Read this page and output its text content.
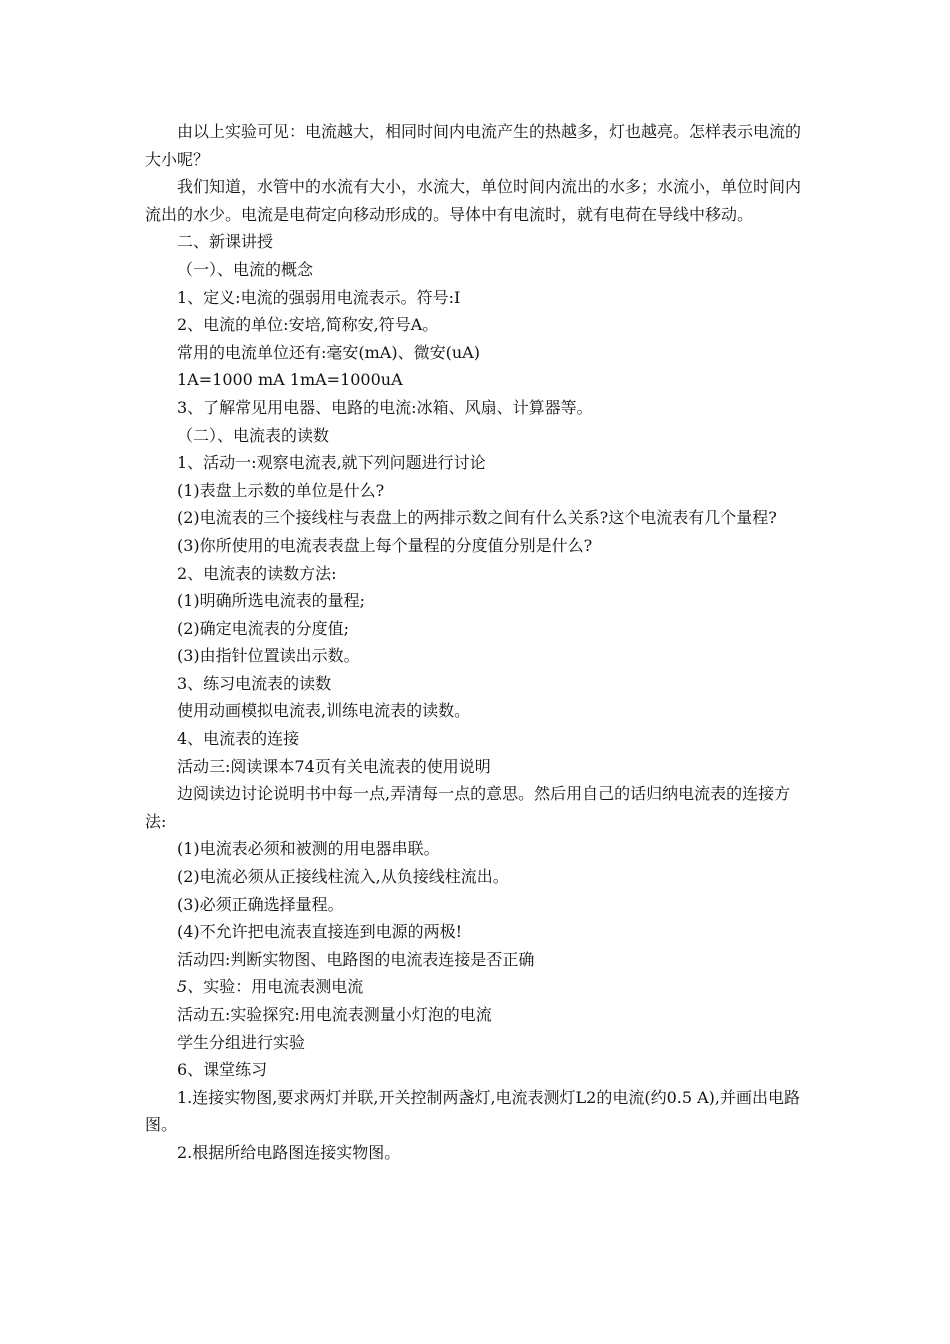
由以上实验可见：电流越大，相同时间内电流产生的热越多，灯也越亮。怎样表示电流的大小呢？

我们知道，水管中的水流有大小，水流大，单位时间内流出的水多；水流小，单位时间内流出的水少。电流是电荷定向移动形成的。导体中有电流时，就有电荷在导线中移动。

二、新课讲授
（一）、电流的概念
1、定义:电流的强弱用电流表示。符号:I
2、电流的单位:安培,简称安,符号A。
常用的电流单位还有:毫安(mA)、微安(uA)
1A=1000 mA 1mA=1000uA
3、了解常见用电器、电路的电流:冰箱、风扇、计算器等。
（二）、电流表的读数
1、活动一:观察电流表,就下列问题进行讨论
(1)表盘上示数的单位是什么?
(2)电流表的三个接线柱与表盘上的两排示数之间有什么关系?这个电流表有几个量程?
(3)你所使用的电流表表盘上每个量程的分度值分别是什么?
2、电流表的读数方法:
(1)明确所选电流表的量程;
(2)确定电流表的分度值;
(3)由指针位置读出示数。
3、练习电流表的读数
使用动画模拟电流表,训练电流表的读数。
4、电流表的连接
活动三:阅读课本74页有关电流表的使用说明

边阅读边讨论说明书中每一点,弄清每一点的意思。然后用自己的话归纳电流表的连接方法:

(1)电流表必须和被测的用电器串联。
(2)电流必须从正接线柱流入,从负接线柱流出。
(3)必须正确选择量程。
(4)不允许把电流表直接连到电源的两极!
活动四:判断实物图、电路图的电流表连接是否正确
5、实验：用电流表测电流
活动五:实验探究:用电流表测量小灯泡的电流
学生分组进行实验
6、课堂练习

1.连接实物图,要求两灯并联,开关控制两盏灯,电流表测灯L2的电流(约0.5 A),并画出电路图。

2.根据所给电路图连接实物图。
